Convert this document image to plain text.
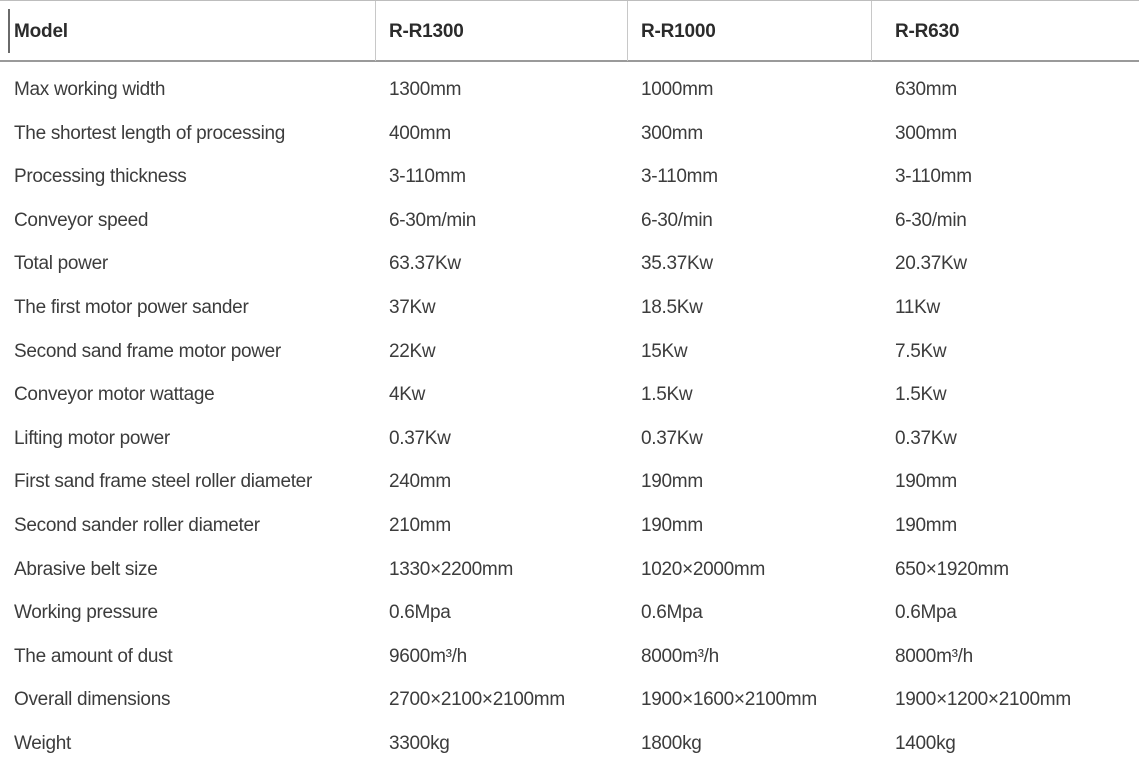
Model	R-R1300	R-R1000	R-R630
Max working width	1300mm	1000mm	630mm
The shortest length of processing	400mm	300mm	300mm
Processing thickness	3-110mm	3-110mm	3-110mm
Conveyor speed	6-30m/min	6-30/min	6-30/min
Total power	63.37Kw	35.37Kw	20.37Kw
The first motor power sander	37Kw	18.5Kw	11Kw
Second sand frame motor power	22Kw	15Kw	7.5Kw
Conveyor motor wattage	4Kw	1.5Kw	1.5Kw
Lifting motor power	0.37Kw	0.37Kw	0.37Kw
First sand frame steel roller diameter	240mm	190mm	190mm
Second sander roller diameter	210mm	190mm	190mm
Abrasive belt size	1330×2200mm	1020×2000mm	650×1920mm
Working pressure	0.6Mpa	0.6Mpa	0.6Mpa
The amount of dust	9600m³/h	8000m³/h	8000m³/h
Overall dimensions	2700×2100×2100mm	1900×1600×2100mm	1900×1200×2100mm
Weight	3300kg	1800kg	1400kg
